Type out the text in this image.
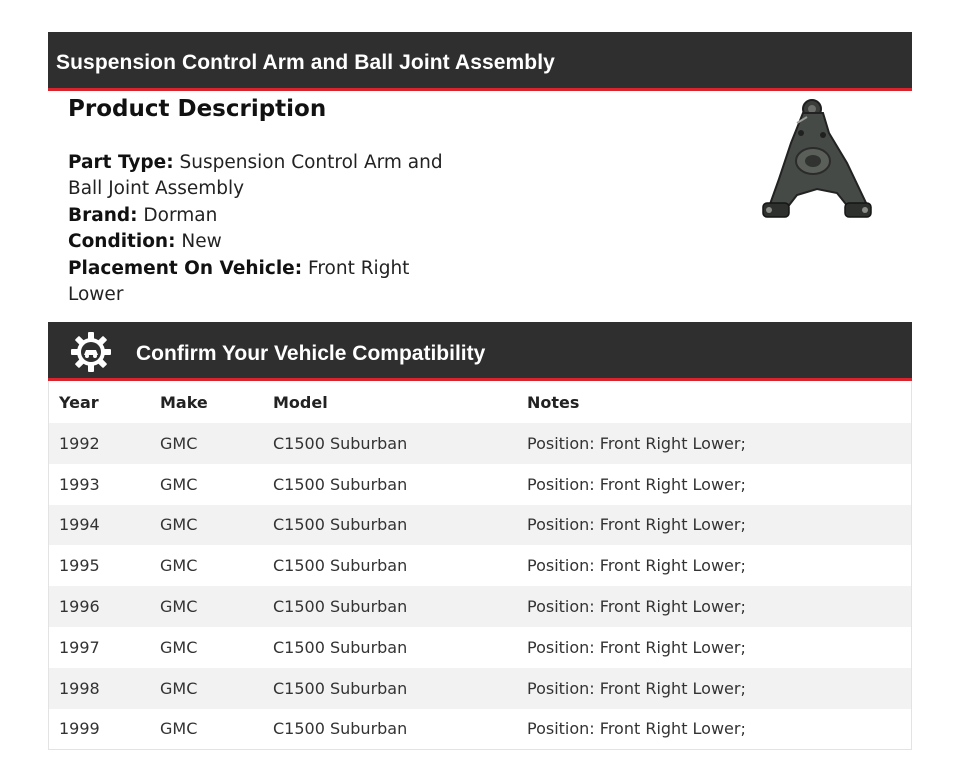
Suspension Control Arm and Ball Joint Assembly
Product Description
Part Type: Suspension Control Arm and Ball Joint Assembly
Brand: Dorman
Condition: New
Placement On Vehicle: Front Right Lower
Confirm Your Vehicle Compatibility
Year	Make	Model	Notes
1992	GMC	C1500 Suburban	Position: Front Right Lower;
1993	GMC	C1500 Suburban	Position: Front Right Lower;
1994	GMC	C1500 Suburban	Position: Front Right Lower;
1995	GMC	C1500 Suburban	Position: Front Right Lower;
1996	GMC	C1500 Suburban	Position: Front Right Lower;
1997	GMC	C1500 Suburban	Position: Front Right Lower;
1998	GMC	C1500 Suburban	Position: Front Right Lower;
1999	GMC	C1500 Suburban	Position: Front Right Lower;
